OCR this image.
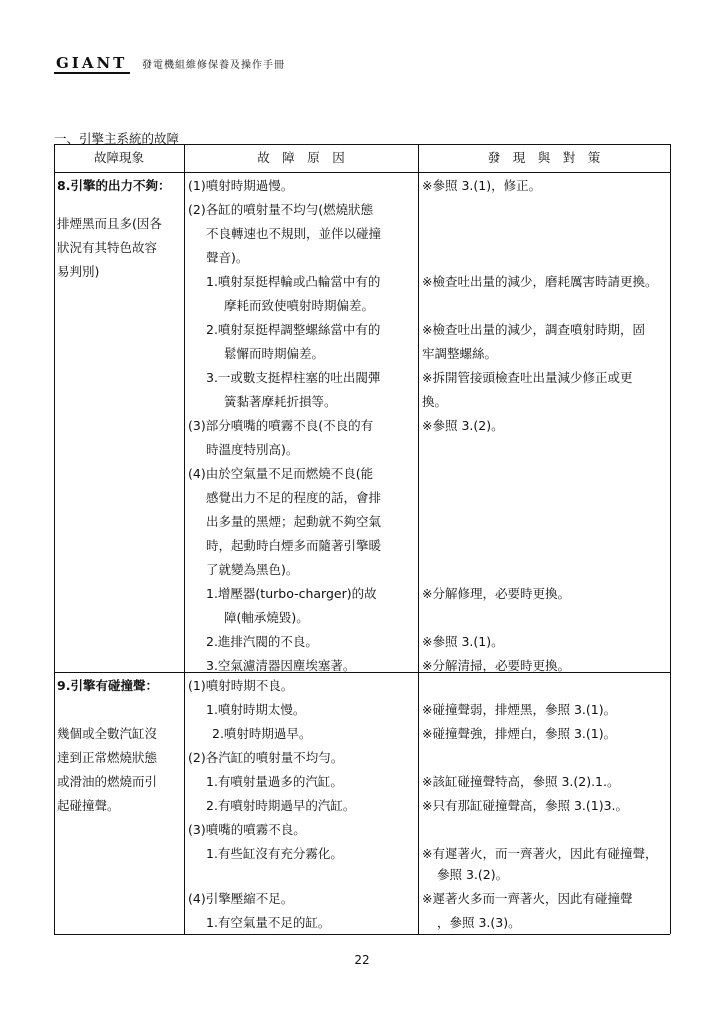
GIANT 發電機組維修保養及操作手冊
一、引擎主系統的故障
故障現象	故　障　原　因	發　現　與　對　策
8.引擎的出力不夠：
排煙黑而且多(因各
狀況有其特色故容
易判別)
(1)噴射時期過慢。
(2)各缸的噴射量不均勻(燃燒狀態
不良轉速也不規則，並伴以碰撞
聲音)。
1.噴射泵挺桿輪或凸輪當中有的
摩耗而致使噴射時期偏差。
2.噴射泵挺桿調整螺絲當中有的
鬆懈而時期偏差。
3.一或數支挺桿柱塞的吐出閥彈
簧黏著摩耗折損等。
(3)部分噴嘴的噴霧不良(不良的有
時溫度特別高)。
(4)由於空氣量不足而燃燒不良(能
感覺出力不足的程度的話，會排
出多量的黑煙；起動就不夠空氣
時，起動時白煙多而隨著引擎暖
了就變為黑色)。
1.增壓器(turbo-charger)的故
障(軸承燒毀)。
2.進排汽閥的不良。
3.空氣濾清器因塵埃塞著。
※參照 3.(1)，修正。
※檢查吐出量的減少，磨耗厲害時請更換。
※檢查吐出量的減少，調查噴射時期，固
牢調整螺絲。
※拆開管接頭檢查吐出量減少修正或更
換。
※參照 3.(2)。
※分解修理，必要時更換。
※參照 3.(1)。
※分解清掃，必要時更換。
9.引擎有碰撞聲：
幾個或全數汽缸沒
達到正常燃燒狀態
或滑油的燃燒而引
起碰撞聲。
(1)噴射時期不良。
1.噴射時期太慢。
2.噴射時期過早。
(2)各汽缸的噴射量不均勻。
1.有噴射量過多的汽缸。
2.有噴射時期過早的汽缸。
(3)噴嘴的噴霧不良。
1.有些缸沒有充分霧化。
(4)引擎壓縮不足。
1.有空氣量不足的缸。
※碰撞聲弱，排煙黑，參照 3.(1)。
※碰撞聲強，排煙白，參照 3.(1)。
※該缸碰撞聲特高，參照 3.(2).1.。
※只有那缸碰撞聲高，參照 3.(1)3.。
※有遲著火，而一齊著火，因此有碰撞聲，
參照 3.(2)。
※遲著火多而一齊著火，因此有碰撞聲
，參照 3.(3)。
22
